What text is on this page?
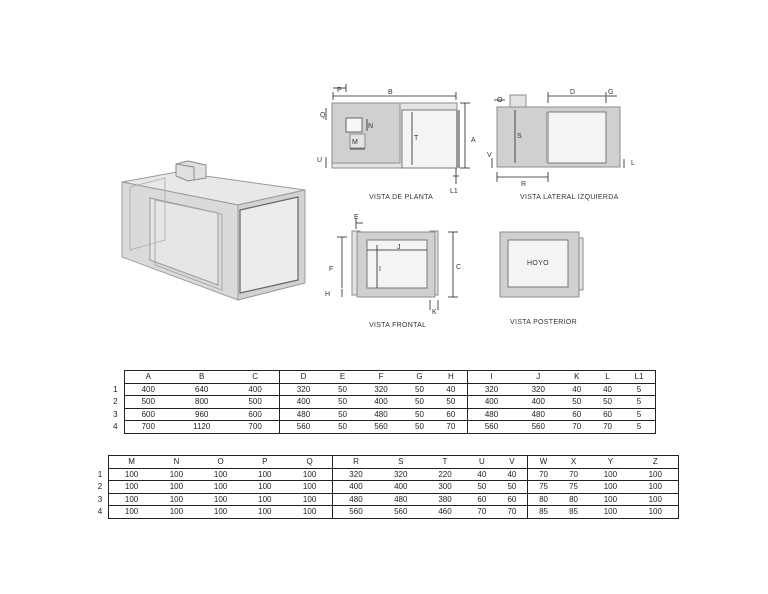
P	B
Q
N
M
T	A
U
L1
VISTA DE PLANTA
D	G
O
S
V
L
R
VISTA LATERAL IZQUIERDA
E
J
I
F
H
C
K
VISTA FRONTAL
HOYO
VISTA POSTERIOR
	A	B	C	D	E	F	G	H	I	J	K	L	L1
1	400	640	400	320	50	320	50	40	320	320	40	40	5
2	500	800	500	400	50	400	50	50	400	400	50	50	5
3	600	960	600	480	50	480	50	60	480	480	60	60	5
4	700	1120	700	560	50	560	50	70	560	560	70	70	5
	M	N	O	P	Q	R	S	T	U	V	W	X	Y	Z
1	100	100	100	100	100	320	320	220	40	40	70	70	100	100
2	100	100	100	100	100	400	400	300	50	50	75	75	100	100
3	100	100	100	100	100	480	480	380	60	60	80	80	100	100
4	100	100	100	100	100	560	560	460	70	70	85	85	100	100
